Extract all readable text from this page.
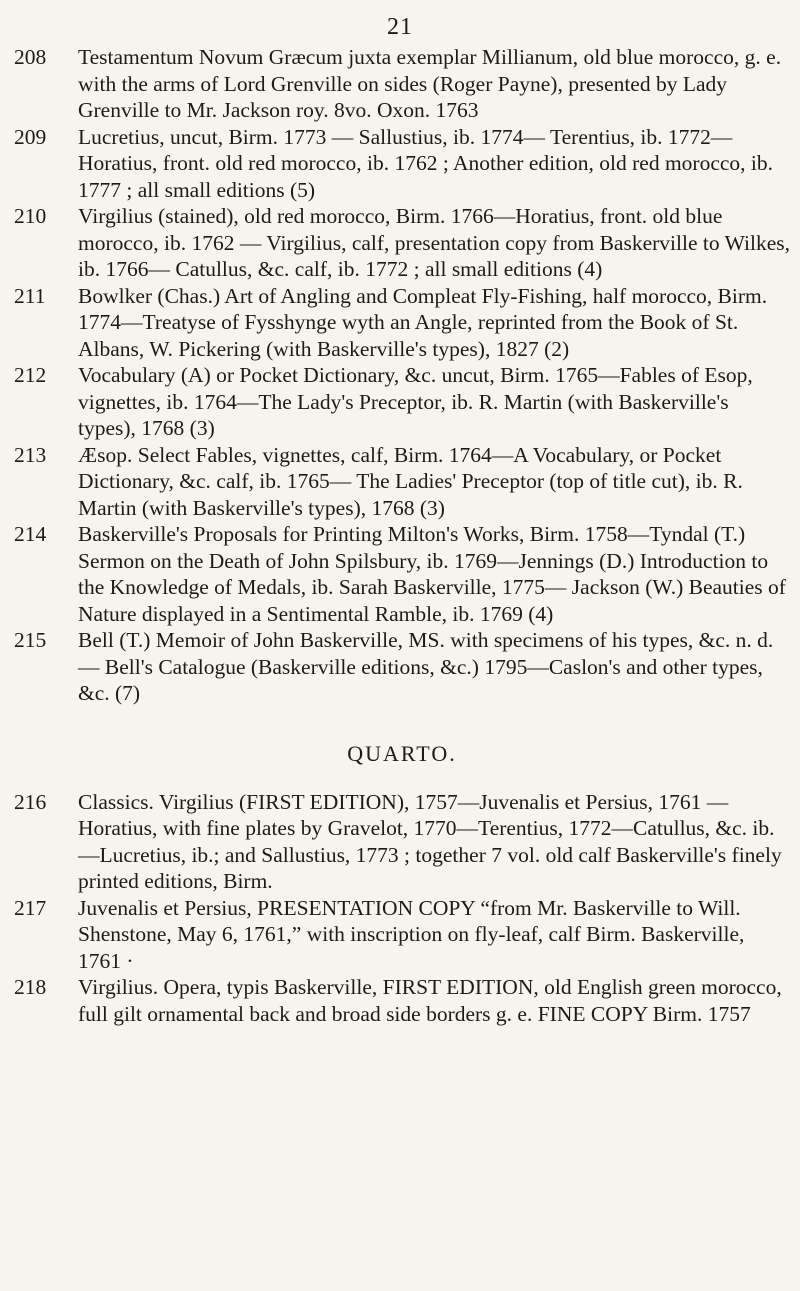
21
208	Testamentum Novum Græcum juxta exemplar Millianum, old blue morocco, g. e. with the arms of Lord Grenville on sides (Roger Payne), presented by Lady Grenville to Mr. Jackson roy. 8vo. Oxon. 1763
209	Lucretius, uncut, Birm. 1773 — Sallustius, ib. 1774— Terentius, ib. 1772—Horatius, front. old red morocco, ib. 1762 ; Another edition, old red morocco, ib. 1777 ; all small editions (5)
210	Virgilius (stained), old red morocco, Birm. 1766—Horatius, front. old blue morocco, ib. 1762 — Virgilius, calf, presentation copy from Baskerville to Wilkes, ib. 1766— Catullus, &c. calf, ib. 1772 ; all small editions (4)
211	Bowlker (Chas.) Art of Angling and Compleat Fly-Fishing, half morocco, Birm. 1774—Treatyse of Fysshynge wyth an Angle, reprinted from the Book of St. Albans, W. Pickering (with Baskerville's types), 1827 (2)
212	Vocabulary (A) or Pocket Dictionary, &c. uncut, Birm. 1765—Fables of Esop, vignettes, ib. 1764—The Lady's Preceptor, ib. R. Martin (with Baskerville's types), 1768 (3)
213	Æsop. Select Fables, vignettes, calf, Birm. 1764—A Vocabulary, or Pocket Dictionary, &c. calf, ib. 1765— The Ladies' Preceptor (top of title cut), ib. R. Martin (with Baskerville's types), 1768 (3)
214	Baskerville's Proposals for Printing Milton's Works, Birm. 1758—Tyndal (T.) Sermon on the Death of John Spilsbury, ib. 1769—Jennings (D.) Introduction to the Knowledge of Medals, ib. Sarah Baskerville, 1775— Jackson (W.) Beauties of Nature displayed in a Sentimental Ramble, ib. 1769 (4)
215	Bell (T.) Memoir of John Baskerville, MS. with specimens of his types, &c. n. d. — Bell's Catalogue (Baskerville editions, &c.) 1795—Caslon's and other types, &c. (7)
QUARTO.
216	Classics. Virgilius (FIRST EDITION), 1757—Juvenalis et Persius, 1761 — Horatius, with fine plates by Gravelot, 1770—Terentius, 1772—Catullus, &c. ib.—Lucretius, ib.; and Sallustius, 1773 ; together 7 vol. old calf Baskerville's finely printed editions, Birm.
217	Juvenalis et Persius, PRESENTATION COPY “from Mr. Baskerville to Will. Shenstone, May 6, 1761,” with inscription on fly-leaf, calf Birm. Baskerville, 1761 ·
218	Virgilius. Opera, typis Baskerville, FIRST EDITION, old English green morocco, full gilt ornamental back and broad side borders g. e. FINE COPY Birm. 1757
